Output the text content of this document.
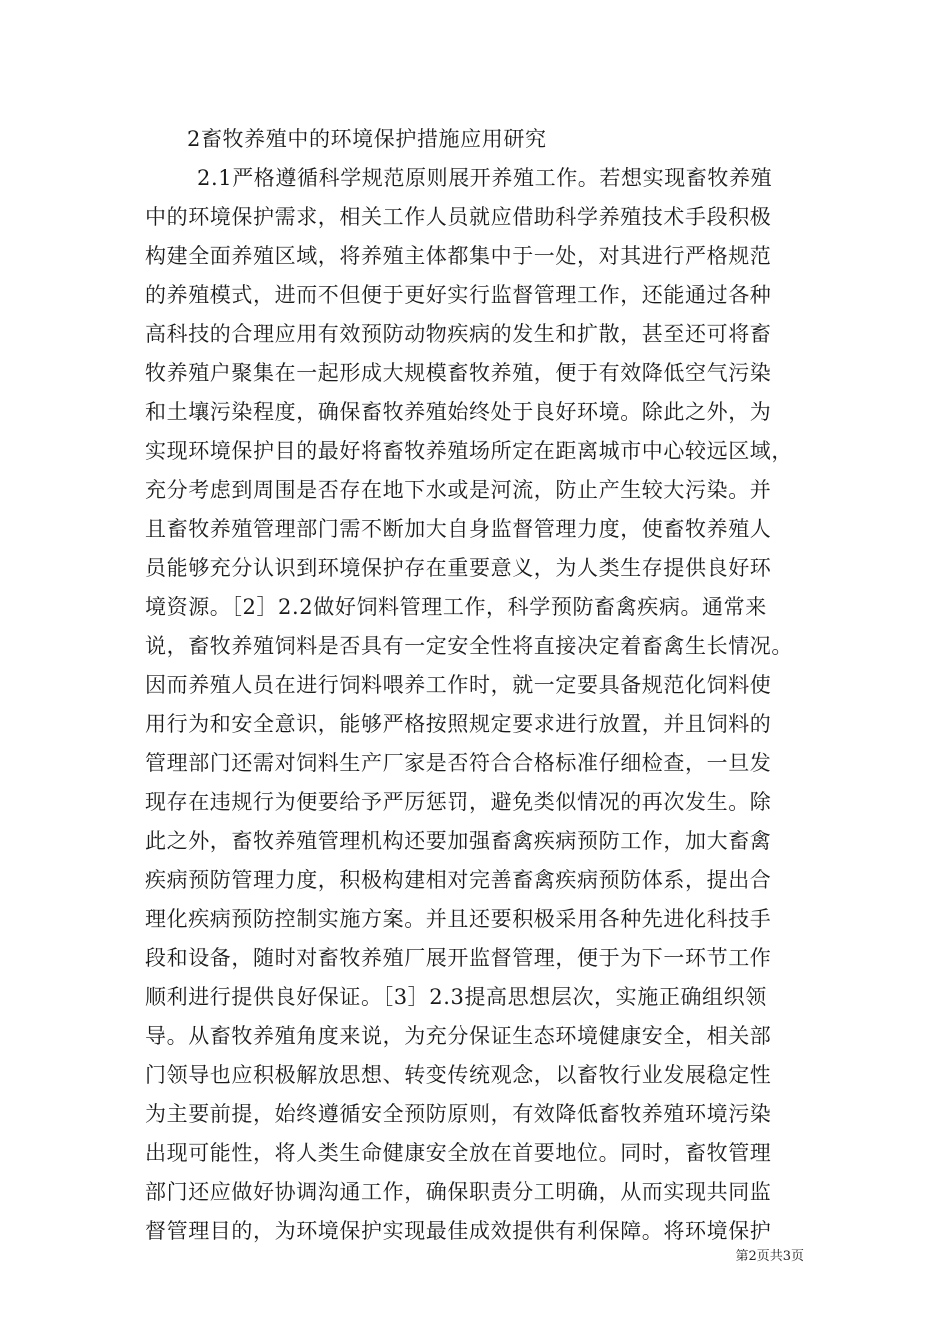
2畜牧养殖中的环境保护措施应用研究
2.1严格遵循科学规范原则展开养殖工作。若想实现畜牧养殖
中的环境保护需求，相关工作人员就应借助科学养殖技术手段积极
构建全面养殖区域，将养殖主体都集中于一处，对其进行严格规范
的养殖模式，进而不但便于更好实行监督管理工作，还能通过各种
高科技的合理应用有效预防动物疾病的发生和扩散，甚至还可将畜
牧养殖户聚集在一起形成大规模畜牧养殖，便于有效降低空气污染
和土壤污染程度，确保畜牧养殖始终处于良好环境。除此之外，为
实现环境保护目的最好将畜牧养殖场所定在距离城市中心较远区域，
充分考虑到周围是否存在地下水或是河流，防止产生较大污染。并
且畜牧养殖管理部门需不断加大自身监督管理力度，使畜牧养殖人
员能够充分认识到环境保护存在重要意义，为人类生存提供良好环
境资源。［2］2.2做好饲料管理工作，科学预防畜禽疾病。通常来
说，畜牧养殖饲料是否具有一定安全性将直接决定着畜禽生长情况。
因而养殖人员在进行饲料喂养工作时，就一定要具备规范化饲料使
用行为和安全意识，能够严格按照规定要求进行放置，并且饲料的
管理部门还需对饲料生产厂家是否符合合格标准仔细检查，一旦发
现存在违规行为便要给予严厉惩罚，避免类似情况的再次发生。除
此之外，畜牧养殖管理机构还要加强畜禽疾病预防工作，加大畜禽
疾病预防管理力度，积极构建相对完善畜禽疾病预防体系，提出合
理化疾病预防控制实施方案。并且还要积极采用各种先进化科技手
段和设备，随时对畜牧养殖厂展开监督管理，便于为下一环节工作
顺利进行提供良好保证。［3］2.3提高思想层次，实施正确组织领
导。从畜牧养殖角度来说，为充分保证生态环境健康安全，相关部
门领导也应积极解放思想、转变传统观念，以畜牧行业发展稳定性
为主要前提，始终遵循安全预防原则，有效降低畜牧养殖环境污染
出现可能性，将人类生命健康安全放在首要地位。同时，畜牧管理
部门还应做好协调沟通工作，确保职责分工明确，从而实现共同监
督管理目的，为环境保护实现最佳成效提供有利保障。将环境保护
第2页共3页
